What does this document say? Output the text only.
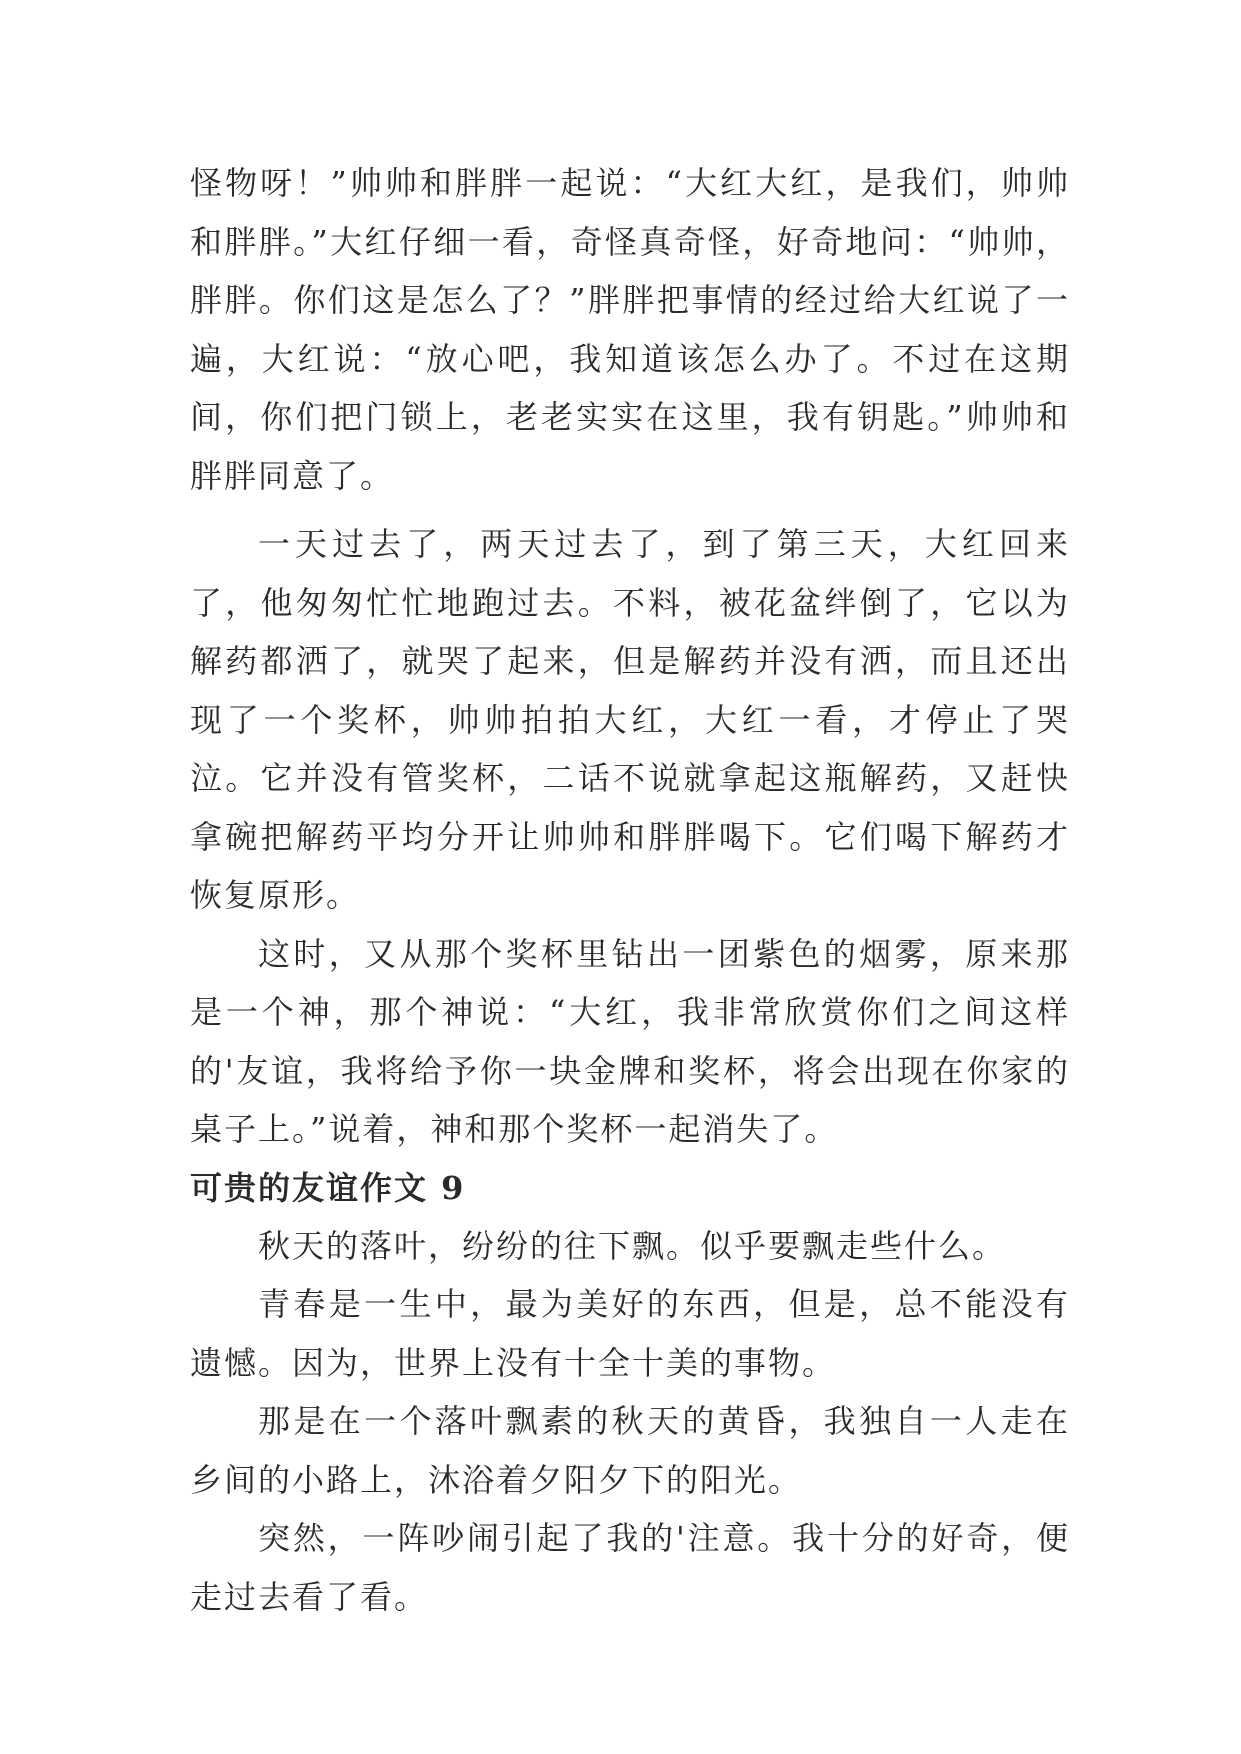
怪物呀！”帅帅和胖胖一起说：“大红大红，是我们，帅帅和胖胖。”大红仔细一看，奇怪真奇怪，好奇地问：“帅帅，胖胖。你们这是怎么了？”胖胖把事情的经过给大红说了一遍，大红说：“放心吧，我知道该怎么办了。不过在这期间，你们把门锁上，老老实实在这里，我有钥匙。”帅帅和胖胖同意了。

一天过去了，两天过去了，到了第三天，大红回来了，他匆匆忙忙地跑过去。不料，被花盆绊倒了，它以为解药都洒了，就哭了起来，但是解药并没有洒，而且还出现了一个奖杯，帅帅拍拍大红，大红一看，才停止了哭泣。它并没有管奖杯，二话不说就拿起这瓶解药，又赶快拿碗把解药平均分开让帅帅和胖胖喝下。它们喝下解药才恢复原形。

这时，又从那个奖杯里钻出一团紫色的烟雾，原来那是一个神，那个神说：“大红，我非常欣赏你们之间这样的'友谊，我将给予你一块金牌和奖杯，将会出现在你家的桌子上。”说着，神和那个奖杯一起消失了。

可贵的友谊作文 9

秋天的落叶，纷纷的往下飘。似乎要飘走些什么。

青春是一生中，最为美好的东西，但是，总不能没有遗憾。因为，世界上没有十全十美的事物。

那是在一个落叶飘素的秋天的黄昏，我独自一人走在乡间的小路上，沐浴着夕阳夕下的阳光。

突然，一阵吵闹引起了我的'注意。我十分的好奇，便走过去看了看。
